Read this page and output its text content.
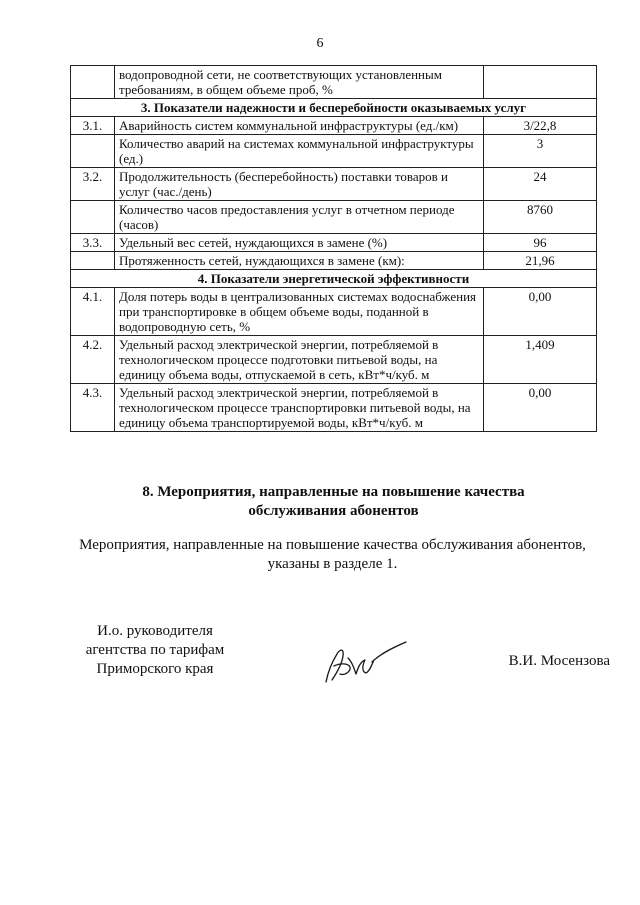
6
	водопроводной сети, не соответствующих установленным требованиям, в общем объеме проб, %	
3. Показатели надежности и бесперебойности оказываемых услуг		
3.1.	Аварийность систем коммунальной инфраструктуры (ед./км)	3/22,8
	Количество аварий на системах коммунальной инфраструктуры (ед.)	3
3.2.	Продолжительность (бесперебойность) поставки товаров и услуг (час./день)	24
	Количество часов предоставления услуг в отчетном периоде (часов)	8760
3.3.	Удельный вес сетей, нуждающихся в замене (%)	96
	Протяженность сетей, нуждающихся в замене (км):	21,96
4. Показатели энергетической эффективности		
4.1.	Доля потерь воды в централизованных системах водоснабжения при транспортировке в общем объеме воды, поданной в водопроводную сеть, %	0,00
4.2.	Удельный расход электрической энергии, потребляемой в технологическом процессе подготовки питьевой воды, на единицу объема воды, отпускаемой в сеть, кВт*ч/куб. м	1,409
4.3.	Удельный расход электрической энергии, потребляемой в технологическом процессе транспортировки питьевой воды, на единицу объема транспортируемой воды, кВт*ч/куб. м	0,00
8. Мероприятия, направленные на повышение качества
обслуживания абонентов
Мероприятия, направленные на повышение качества обслуживания абонентов,
указаны в разделе 1.
И.о. руководителя
агентства по тарифам
Приморского края	В.И. Мосензова
